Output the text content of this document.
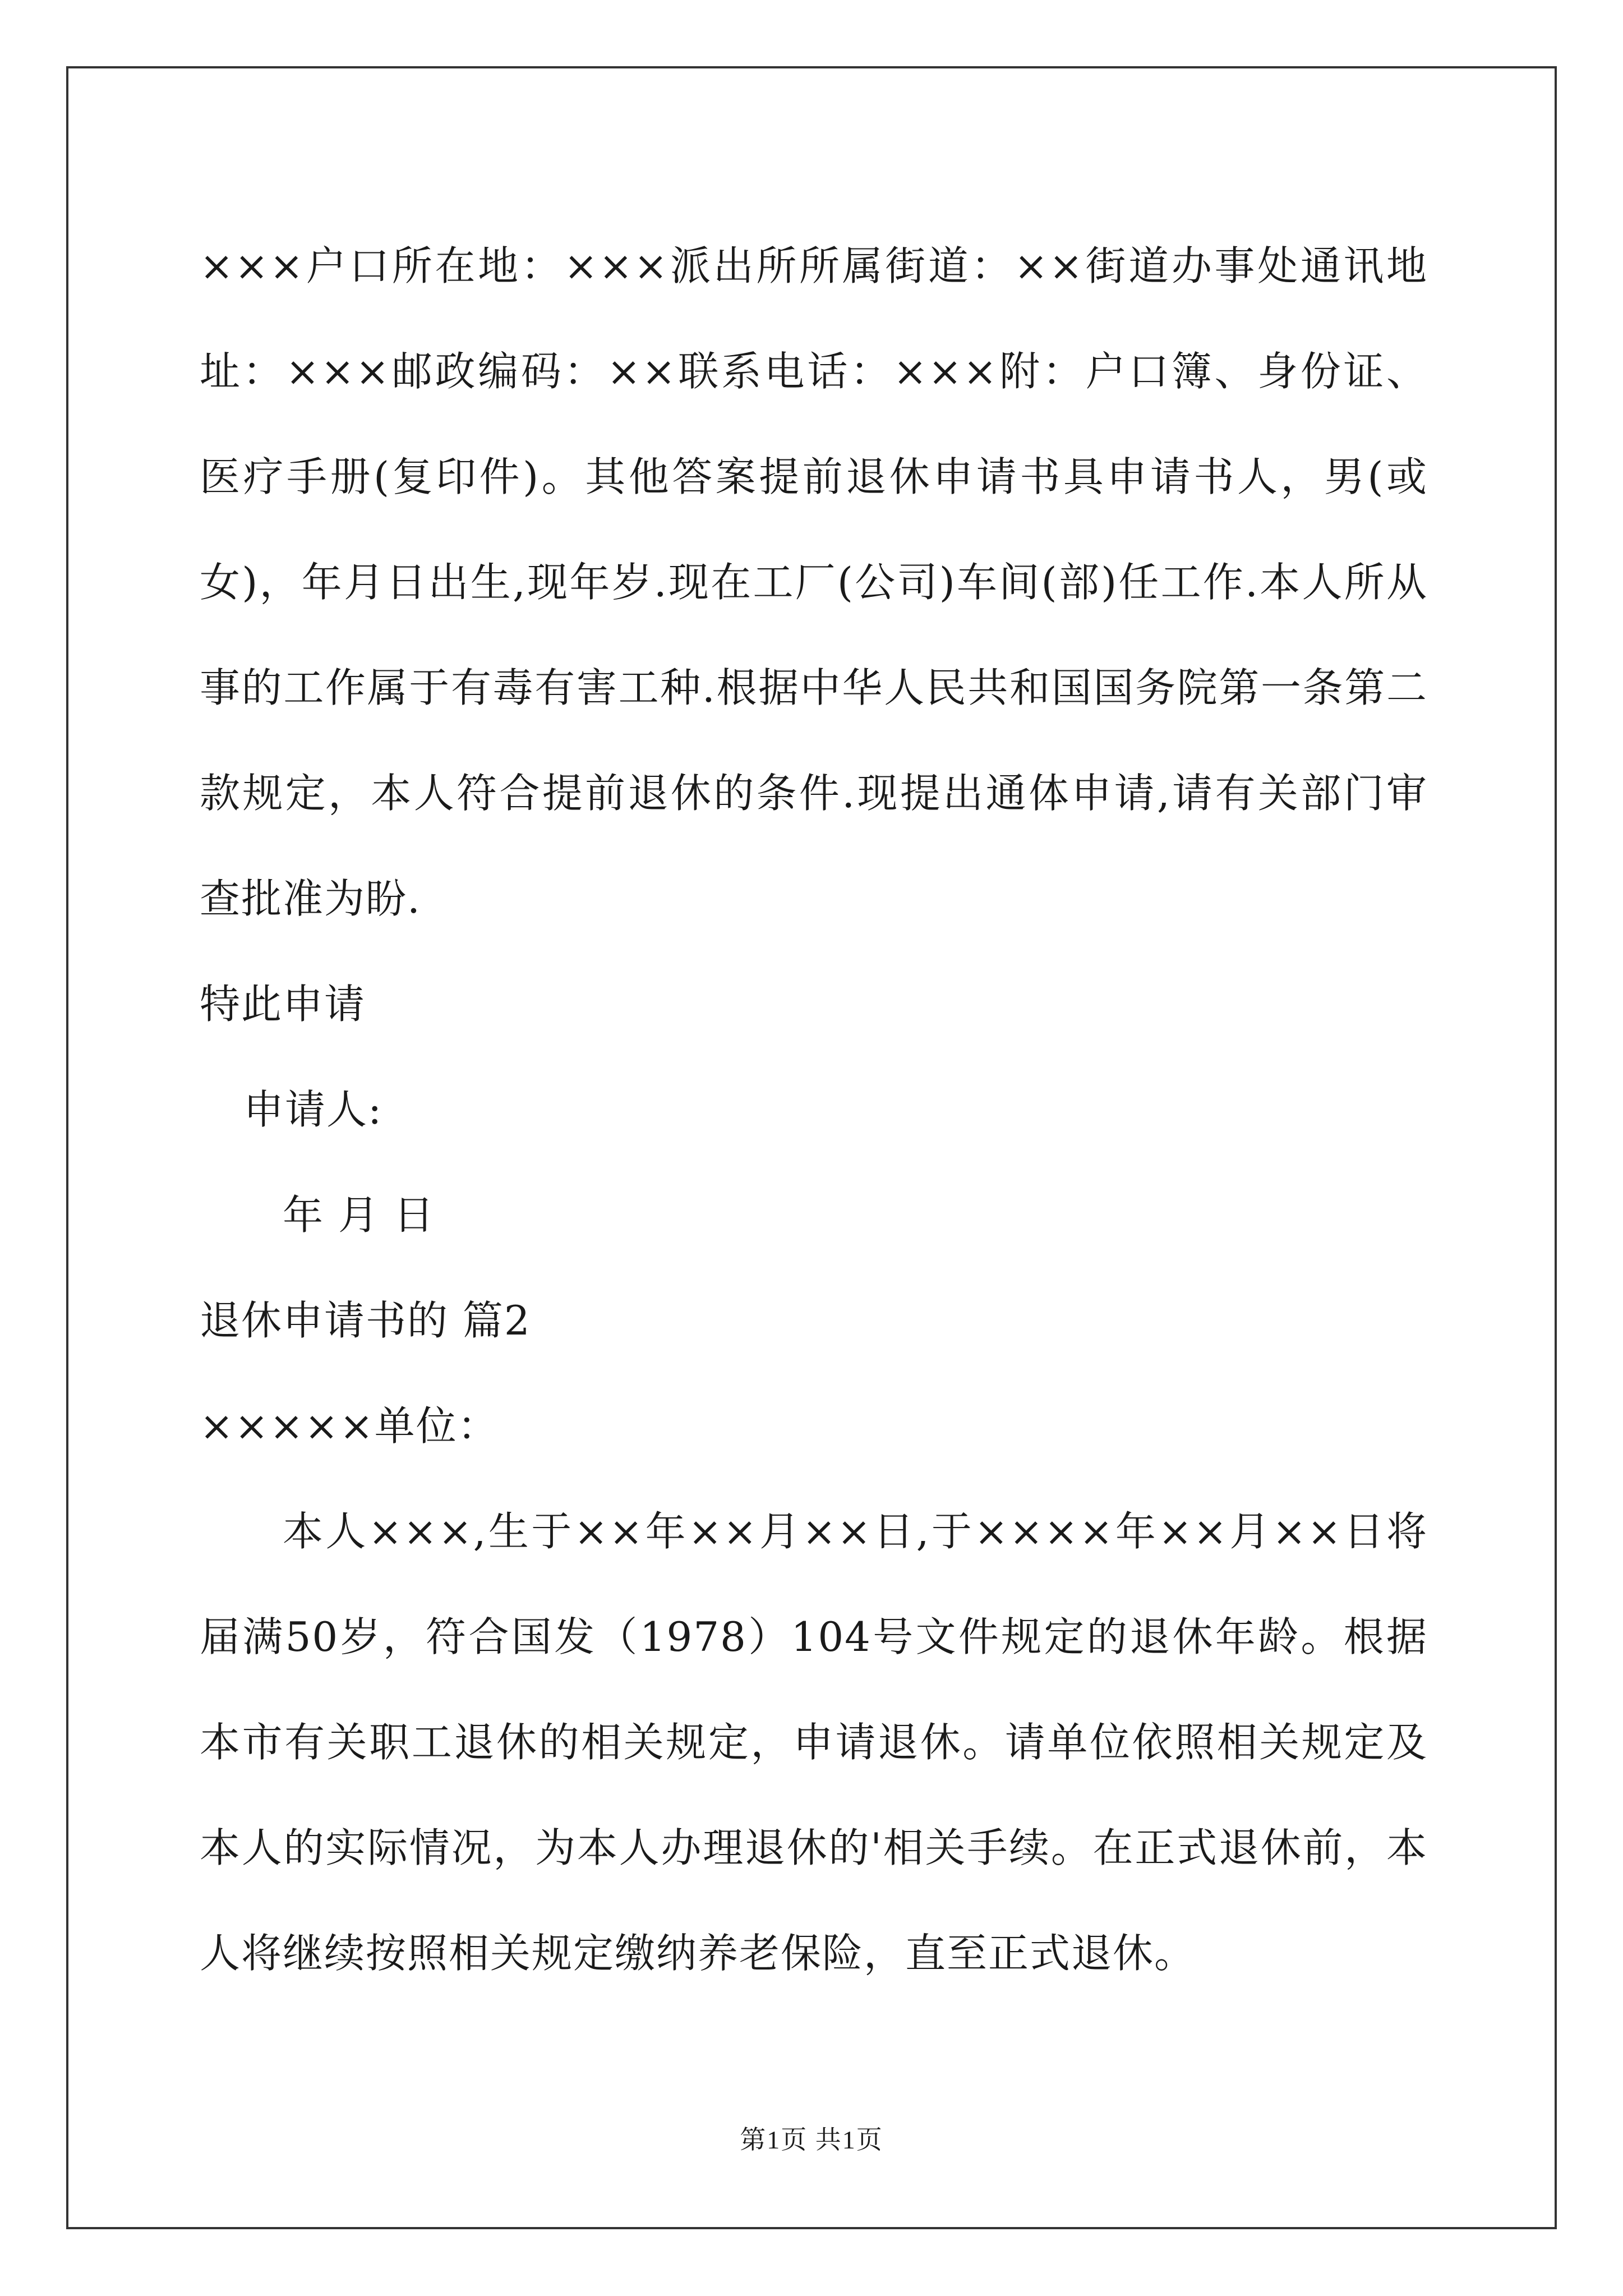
×××户口所在地：×××派出所所属街道：××街道办事处通讯地址：×××邮政编码：××联系电话：×××附：户口簿、身份证、医疗手册(复印件)。其他答案提前退休申请书具申请书人，男(或女)，年月日出生,现年岁.现在工厂(公司)车间(部)任工作.本人所从事的工作属于有毒有害工种.根据中华人民共和国国务院第一条第二款规定，本人符合提前退休的条件.现提出通体申请,请有关部门审查批准为盼.

特此申请

申请人:

年 月 日

退休申请书的 篇2

×××××单位：

本人×××,生于××年××月××日,于××××年××月××日将届满50岁，符合国发（1978）104号文件规定的退休年龄。根据本市有关职工退休的相关规定，申请退休。请单位依照相关规定及本人的实际情况，为本人办理退休的'相关手续。在正式退休前，本人将继续按照相关规定缴纳养老保险，直至正式退休。

第1页 共1页
